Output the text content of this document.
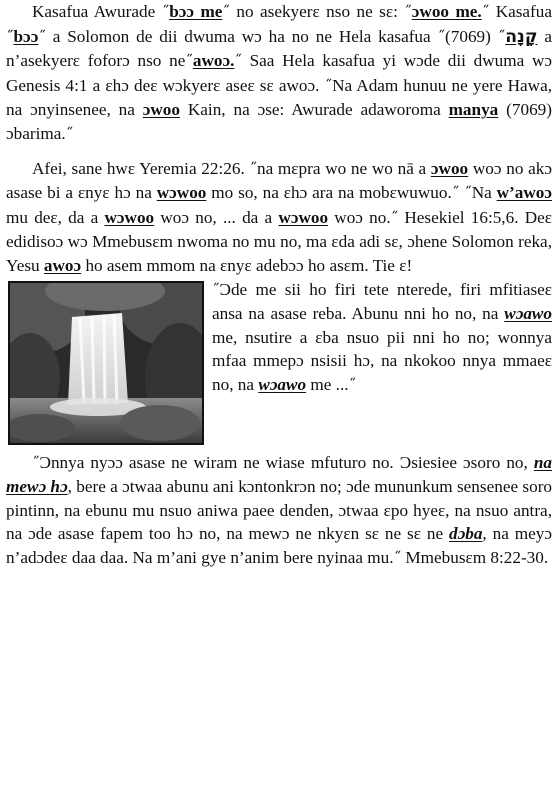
Kasafua Awurade ˝bɔɔ me˝ no asekyerɛ nso ne sɛ: ˝ɔwoo me.˝ Kasafua ˝bɔɔ˝ a Solomon de dii dwuma wɔ ha no ne Hela kasafua ˝	קָנָה˝ (7069) a n’asekyerɛ foforɔ nso ne˝awoɔ.˝ Saa Hela kasafua yi wɔde dii dwuma wɔ Genesis 4:1 a ɛhɔ deɛ wɔkyerɛ aseɛ sɛ awoɔ. ˝Na Adam hunuu ne yere Hawa, na ɔnyinsenee, na ɔwoo Kain, na ɔse: Awurade adaworoma manya (7069) ɔbarima.˝

Afei, sane hwɛ Yeremia 22:26. ˝na mɛpra wo ne wo nā a ɔwoo woɔ no akɔ asase bi a ɛnyɛ hɔ na wɔwoo mo so, na ɛhɔ ara na mobɛwuwuo.˝ ˝Na w’awoɔ mu deɛ, da a wɔwoo woɔ no, ... da a wɔwoo woɔ no.˝ Hesekiel 16:5,6. Deɛ edidisoɔ wɔ Mmebusɛm nwoma no mu no, ma ɛda adi sɛ, ɔhene Solomon reka, Yesu awoɔ ho asem mmom na ɛnyɛ adebɔɔ ho asɛm. Tie ɛ!

˝Ɔde me sii ho firi tete nterede, firi mfitiaseɛ ansa na asase reba. Abunu nni ho no, na wɔawo me, nsutire a ɛba nsuo pii nni ho no; wonnya mfaa mmepɔ nsisii hɔ, na nkokoo nnya mmaeɛ no, na wɔawo me ...˝

˝Ɔnnya nyɔɔ asase ne wiram ne wiase mfuturo no. Ɔsiesiee ɔsoro no, na mewɔ hɔ, bere a ɔtwaa abunu ani kɔntonkrɔn no; ɔde mununkum sensenee soro pintinn, na ebunu mu nsuo aniwa paee denden, ɔtwaa ɛpo hyeɛ, na nsuo antra, na ɔde asase fapem too hɔ no, na mewɔ ne nkyɛn sɛ ne sɛ ne dɔba, na meyɔ n’adɔdeɛ daa daa. Na m’ani gye n’anim bere nyinaa mu.˝ Mmebusɛm 8:22-30.
